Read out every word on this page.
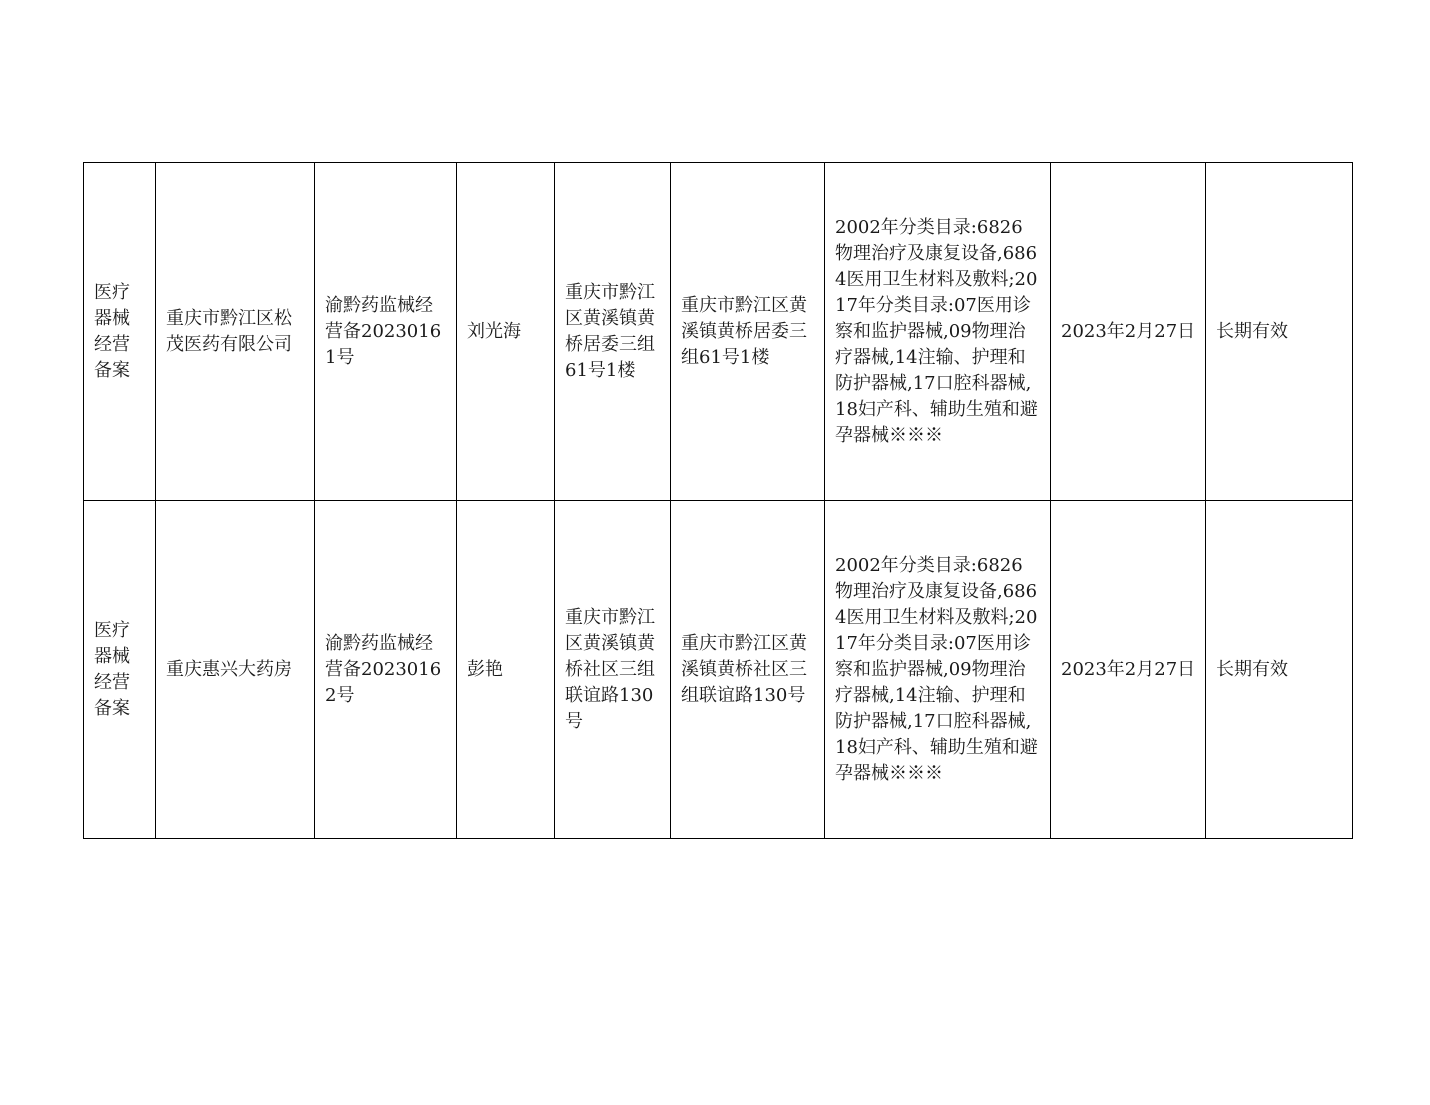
医疗器械经营备案	重庆市黔江区松茂医药有限公司	渝黔药监械经营备20230161号	刘光海	重庆市黔江区黄溪镇黄桥居委三组61号1楼	重庆市黔江区黄溪镇黄桥居委三组61号1楼	2002年分类目录:6826物理治疗及康复设备,6864医用卫生材料及敷料;2017年分类目录:07医用诊察和监护器械,09物理治疗器械,14注输、护理和防护器械,17口腔科器械,18妇产科、辅助生殖和避孕器械※※※	2023年2月27日	长期有效
医疗器械经营备案	重庆惠兴大药房	渝黔药监械经营备20230162号	彭艳	重庆市黔江区黄溪镇黄桥社区三组联谊路130号	重庆市黔江区黄溪镇黄桥社区三组联谊路130号	2002年分类目录:6826物理治疗及康复设备,6864医用卫生材料及敷料;2017年分类目录:07医用诊察和监护器械,09物理治疗器械,14注输、护理和防护器械,17口腔科器械,18妇产科、辅助生殖和避孕器械※※※	2023年2月27日	长期有效
